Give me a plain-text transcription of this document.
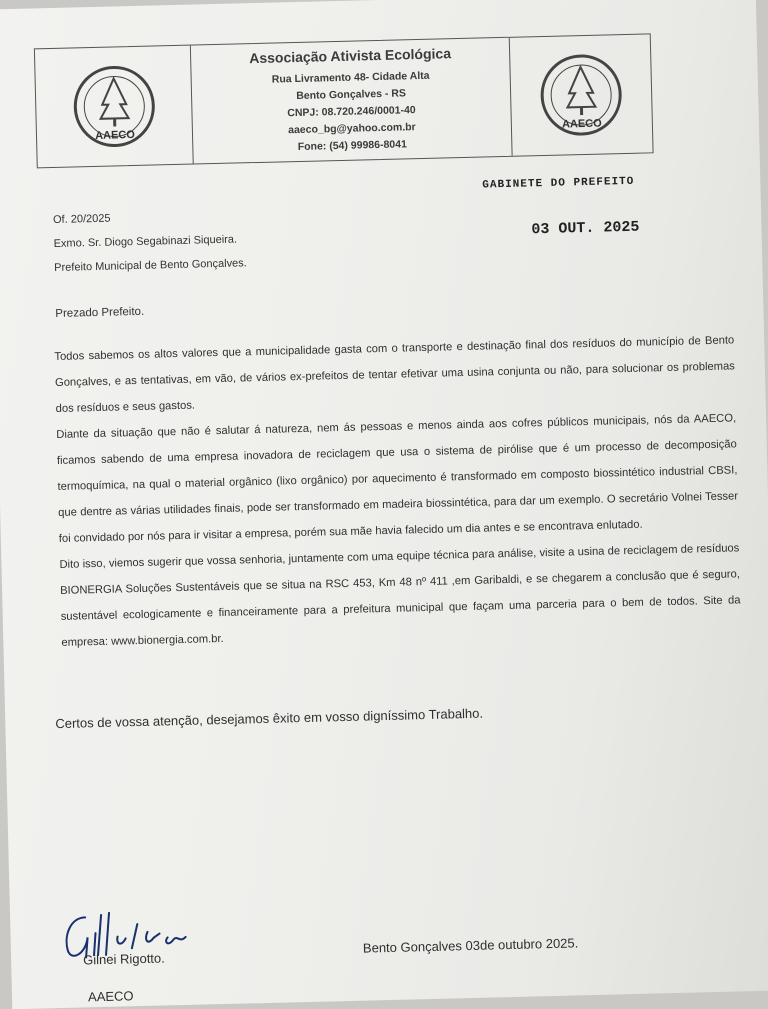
AAECO
Associação Ativista Ecológica
Rua Livramento 48- Cidade Alta
Bento Gonçalves - RS
CNPJ: 08.720.246/0001-40
aaeco_bg@yahoo.com.br
Fone: (54) 99986-8041
AAECO
Of. 20/2025
Exmo. Sr. Diogo Segabinazi Siqueira.
Prefeito Municipal de Bento Gonçalves.
GABINETE DO PREFEITO
03 OUT. 2025
Prezado Prefeito.

Todos sabemos os altos valores que a municipalidade gasta com o transporte e destinação final dos resíduos do município de Bento Gonçalves, e as tentativas, em vão, de vários ex-prefeitos de tentar efetivar uma usina conjunta ou não, para solucionar os problemas dos resíduos e seus gastos.

Diante da situação que não é salutar á natureza, nem ás pessoas e menos ainda aos cofres públicos municipais, nós da AAECO, ficamos sabendo de uma empresa inovadora de reciclagem que usa o sistema de pirólise que é um processo de decomposição termoquímica, na qual o material orgânico (lixo orgânico) por aquecimento é transformado em composto biossintético industrial CBSI, que dentre as várias utilidades finais, pode ser transformado em madeira biossintética, para dar um exemplo. O secretário Volnei Tesser foi convidado por nós para ir visitar a empresa, porém sua mãe havia falecido um dia antes e se encontrava enlutado.

Dito isso, viemos sugerir que vossa senhoria, juntamente com uma equipe técnica para análise, visite a usina de reciclagem de resíduos BIONERGIA Soluções Sustentáveis que se situa na RSC 453, Km 48 nº 411 ,em Garibaldi, e se chegarem a conclusão que é seguro, sustentável ecologicamente e financeiramente para a prefeitura municipal que façam uma parceria para o bem de todos. Site da empresa: www.bionergia.com.br.

Certos de vossa atenção, desejamos êxito em vosso digníssimo Trabalho.
Gilnei Rigotto.
AAECO
Bento Gonçalves 03de outubro 2025.
